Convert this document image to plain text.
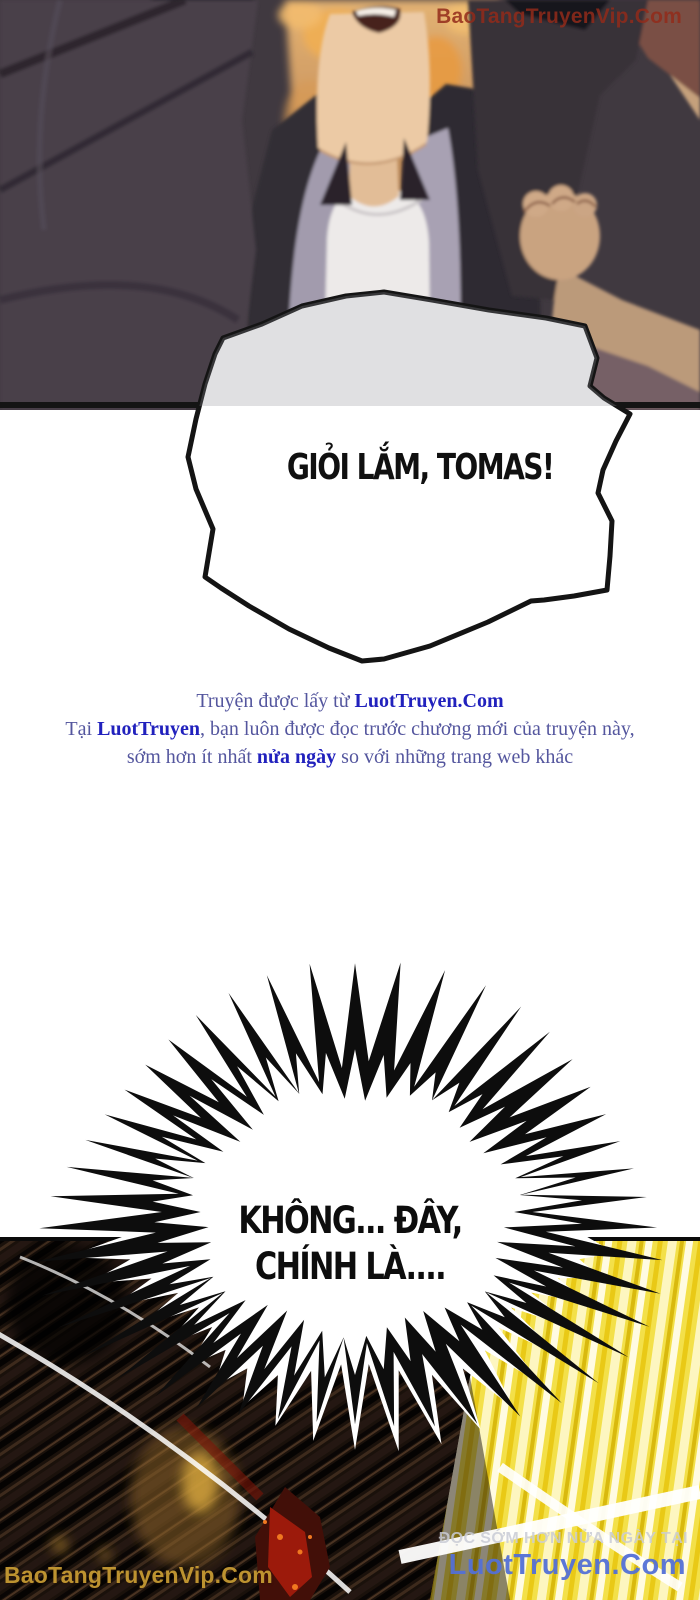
BaoTangTruyenVip.Com
GIỎI LẮM, TOMAS!
Truyện được lấy từ LuotTruyen.Com
Tại LuotTruyen, bạn luôn được đọc trước chương mới của truyện này,
sớm hơn ít nhất nửa ngày so với những trang web khác
KHÔNG... ĐÂY,
CHÍNH LÀ....
ĐỌC SỚM HƠN NỬA NGÀY TẠI
LuotTruyen.Com
BaoTangTruyenVip.Com
